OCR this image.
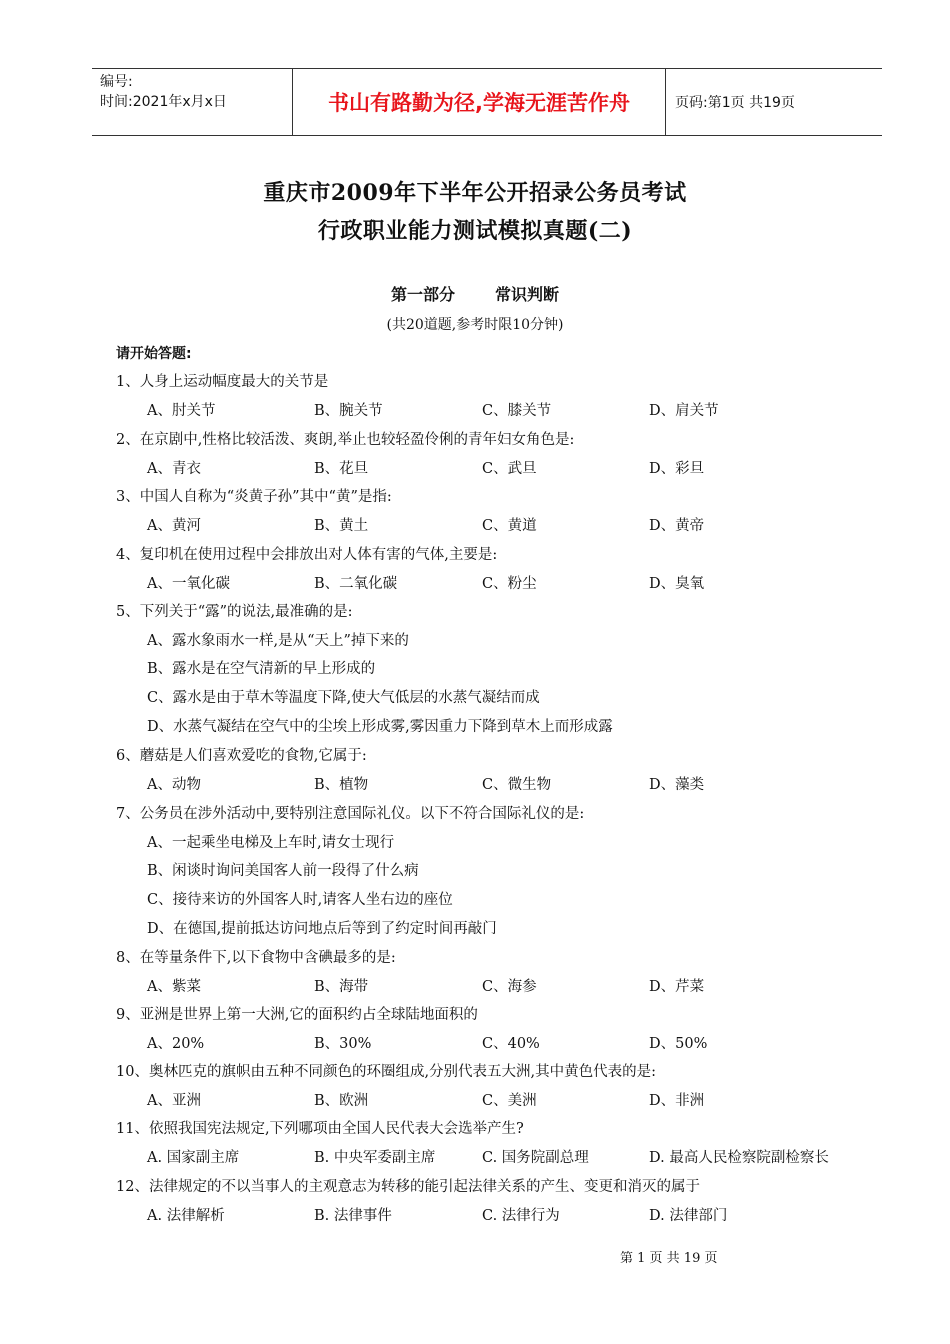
编号:
时间:2021年x月x日	书山有路勤为径,学海无涯苦作舟	页码:第1页 共19页
重庆市2009年下半年公开招录公务员考试
行政职业能力测试模拟真题(二)
第一部分	常识判断
(共20道题,参考时限10分钟)
请开始答题:
1、人身上运动幅度最大的关节是
A、肘关节	B、腕关节	C、膝关节	D、肩关节
2、在京剧中,性格比较活泼、爽朗,举止也较轻盈伶俐的青年妇女角色是:
A、青衣	B、花旦	C、武旦	D、彩旦
3、中国人自称为“炎黄子孙”其中“黄”是指:
A、黄河	B、黄土	C、黄道	D、黄帝
4、复印机在使用过程中会排放出对人体有害的气体,主要是:
A、一氧化碳	B、二氧化碳	C、粉尘	D、臭氧
5、下列关于“露”的说法,最准确的是:
A、露水象雨水一样,是从“天上”掉下来的
B、露水是在空气清新的早上形成的
C、露水是由于草木等温度下降,使大气低层的水蒸气凝结而成
D、水蒸气凝结在空气中的尘埃上形成雾,雾因重力下降到草木上而形成露
6、蘑菇是人们喜欢爱吃的食物,它属于:
A、动物	B、植物	C、微生物	D、藻类
7、公务员在涉外活动中,要特别注意国际礼仪。以下不符合国际礼仪的是:
A、一起乘坐电梯及上车时,请女士现行
B、闲谈时询问美国客人前一段得了什么病
C、接待来访的外国客人时,请客人坐右边的座位
D、在德国,提前抵达访问地点后等到了约定时间再敲门
8、在等量条件下,以下食物中含碘最多的是:
A、紫菜	B、海带	C、海参	D、芹菜
9、亚洲是世界上第一大洲,它的面积约占全球陆地面积的
A、20%	B、30%	C、40%	D、50%
10、奥林匹克的旗帜由五种不同颜色的环圈组成,分别代表五大洲,其中黄色代表的是:
A、亚洲	B、欧洲	C、美洲	D、非洲
11、依照我国宪法规定,下列哪项由全国人民代表大会选举产生?
A. 国家副主席	B. 中央军委副主席	C. 国务院副总理	D. 最高人民检察院副检察长
12、法律规定的不以当事人的主观意志为转移的能引起法律关系的产生、变更和消灭的属于
A. 法律解析	B. 法律事件	C. 法律行为	D. 法律部门
第 1 页 共 19 页
